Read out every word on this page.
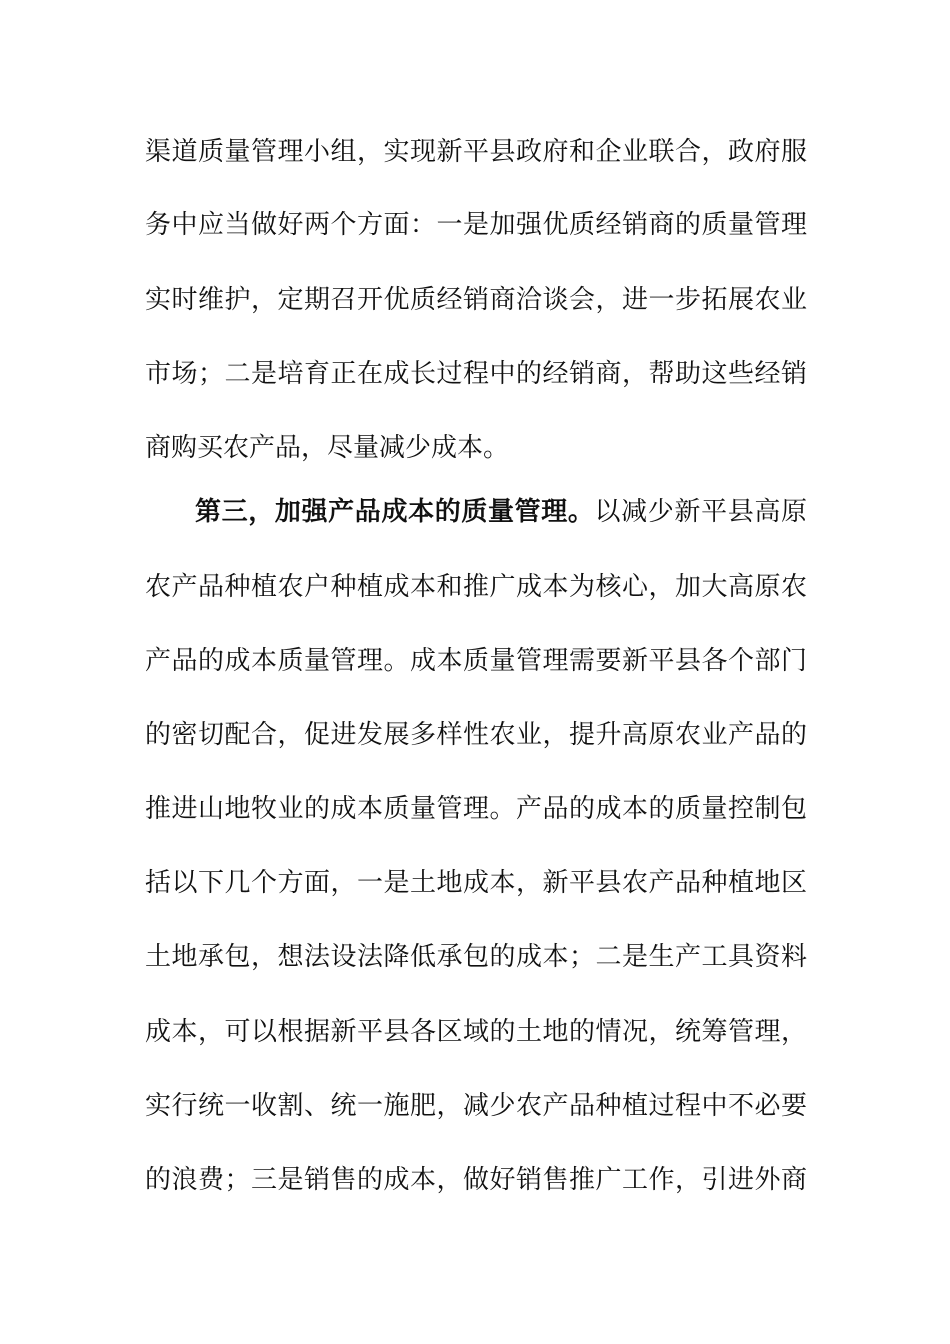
渠道质量管理小组，实现新平县政府和企业联合，政府服
务中应当做好两个方面：一是加强优质经销商的质量管理
实时维护，定期召开优质经销商洽谈会，进一步拓展农业
市场；二是培育正在成长过程中的经销商，帮助这些经销
商购买农产品，尽量减少成本。
第三，加强产品成本的质量管理。以减少新平县高原
农产品种植农户种植成本和推广成本为核心，加大高原农
产品的成本质量管理。成本质量管理需要新平县各个部门
的密切配合，促进发展多样性农业，提升高原农业产品的
推进山地牧业的成本质量管理。产品的成本的质量控制包
括以下几个方面，一是土地成本，新平县农产品种植地区
土地承包，想法设法降低承包的成本；二是生产工具资料
成本，可以根据新平县各区域的土地的情况，统筹管理，
实行统一收割、统一施肥，减少农产品种植过程中不必要
的浪费；三是销售的成本，做好销售推广工作，引进外商
